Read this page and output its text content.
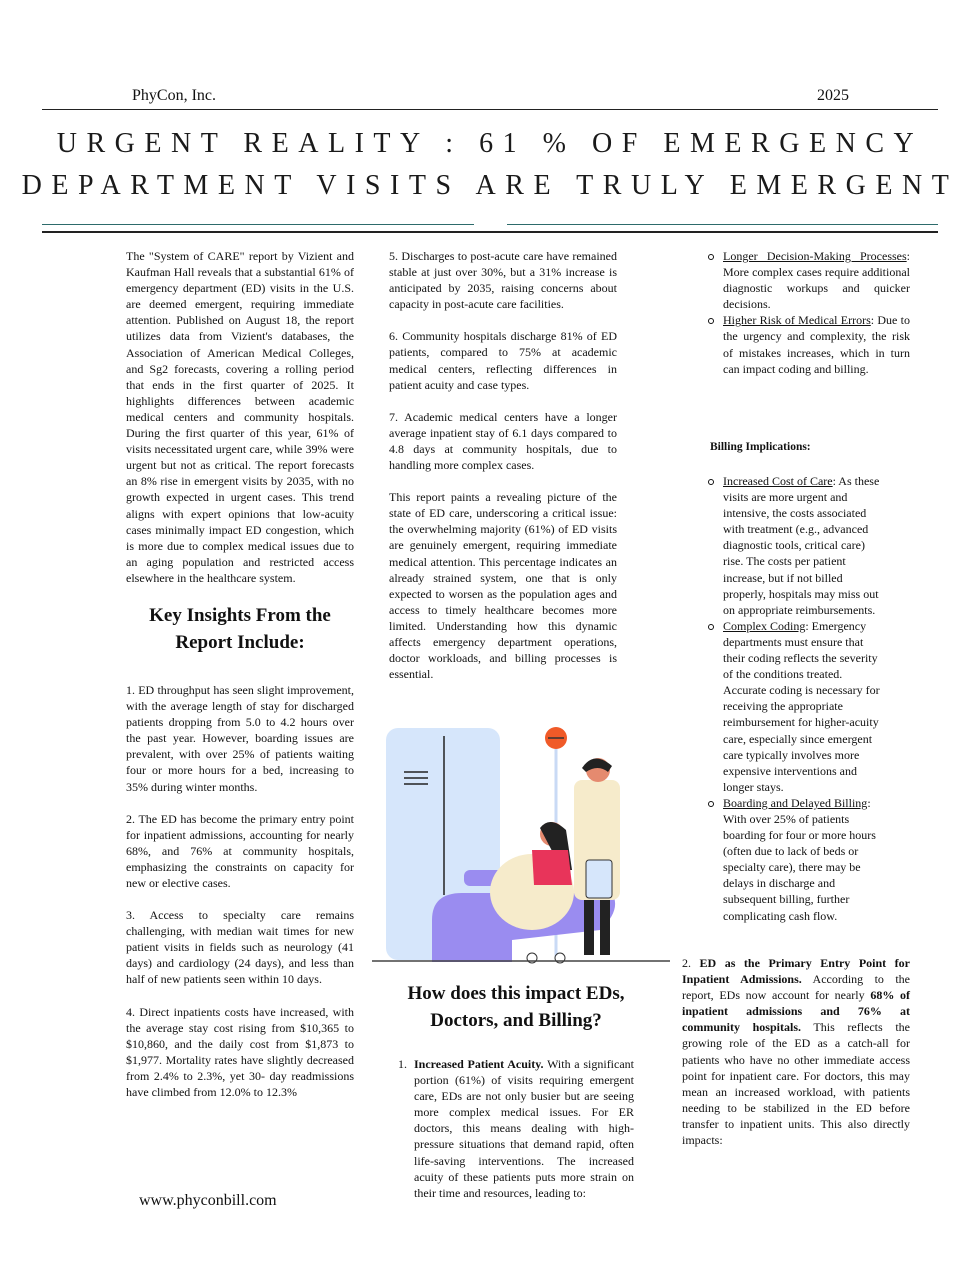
PhyCon, Inc.	2025
URGENT REALITY : 61 % OF EMERGENCY
DEPARTMENT VISITS ARE TRULY EMERGENT

The "System of CARE" report by Vizient and Kaufman Hall reveals that a substantial 61% of emergency department (ED) visits in the U.S. are deemed emergent, requiring immediate attention. Published on August 18, the report utilizes data from Vizient's databases, the Association of American Medical Colleges, and Sg2 forecasts, covering a rolling period that ends in the first quarter of 2025. It highlights differences between academic medical centers and community hospitals. During the first quarter of this year, 61% of visits necessitated urgent care, while 39% were urgent but not as critical. The report forecasts an 8% rise in emergent visits by 2035, with no growth expected in urgent cases. This trend aligns with expert opinions that low-acuity cases minimally impact ED congestion, which is more due to complex medical issues due to an aging population and restricted access elsewhere in the healthcare system.

Key Insights From the Report Include:

1. ED throughput has seen slight improvement, with the average length of stay for discharged patients dropping from 5.0 to 4.2 hours over the past year. However, boarding issues are prevalent, with over 25% of patients waiting four or more hours for a bed, increasing to 35% during winter months.

2. The ED has become the primary entry point for inpatient admissions, accounting for nearly 68%, and 76% at community hospitals, emphasizing the constraints on capacity for new or elective cases.

3. Access to specialty care remains challenging, with median wait times for new patient visits in fields such as neurology (41 days) and cardiology (24 days), and less than half of new patients seen within 10 days.

4. Direct inpatients costs have increased, with the average stay cost rising from $10,365 to $10,860, and the daily cost from $1,873 to $1,977. Mortality rates have slightly decreased from 2.4% to 2.3%, yet 30- day readmissions have climbed from 12.0% to 12.3%

5. Discharges to post-acute care have remained stable at just over 30%, but a 31% increase is anticipated by 2035, raising concerns about capacity in post-acute care facilities.

6. Community hospitals discharge 81% of ED patients, compared to 75% at academic medical centers, reflecting differences in patient acuity and case types.

7. Academic medical centers have a longer average inpatient stay of 6.1 days compared to 4.8 days at community hospitals, due to handling more complex cases.

This report paints a revealing picture of the state of ED care, underscoring a critical issue: the overwhelming majority (61%) of ED visits are genuinely emergent, requiring immediate medical attention. This percentage indicates an already strained system, one that is only expected to worsen as the population ages and access to timely healthcare becomes more limited. Understanding how this dynamic affects emergency department operations, doctor workloads, and billing processes is essential.

How does this impact EDs, Doctors, and Billing?
1. Increased Patient Acuity. With a significant portion (61%) of visits requiring emergent care, EDs are not only busier but are seeing more complex medical issues. For ER doctors, this means dealing with high-pressure situations that demand rapid, often life-saving interventions. The increased acuity of these patients puts more strain on their time and resources, leading to:
Longer Decision-Making Processes: More complex cases require additional diagnostic workups and quicker decisions.
Higher Risk of Medical Errors: Due to the urgency and complexity, the risk of mistakes increases, which in turn can impact coding and billing.
Billing Implications:
Increased Cost of Care: As these visits are more urgent and intensive, the costs associated with treatment (e.g., advanced diagnostic tools, critical care) rise. The costs per patient increase, but if not billed properly, hospitals may miss out on appropriate reimbursements.
Complex Coding: Emergency departments must ensure that their coding reflects the severity of the conditions treated. Accurate coding is necessary for receiving the appropriate reimbursement for higher-acuity care, especially since emergent care typically involves more expensive interventions and longer stays.
Boarding and Delayed Billing: With over 25% of patients boarding for four or more hours (often due to lack of beds or specialty care), there may be delays in discharge and subsequent billing, further complicating cash flow.
2. ED as the Primary Entry Point for Inpatient Admissions. According to the report, EDs now account for nearly 68% of inpatient admissions and 76% at community hospitals. This reflects the growing role of the ED as a catch-all for patients who have no other immediate access point for inpatient care. For doctors, this may mean an increased workload, with patients needing to be stabilized in the ED before transfer to inpatient units. This also directly impacts:
www.phyconbill.com
